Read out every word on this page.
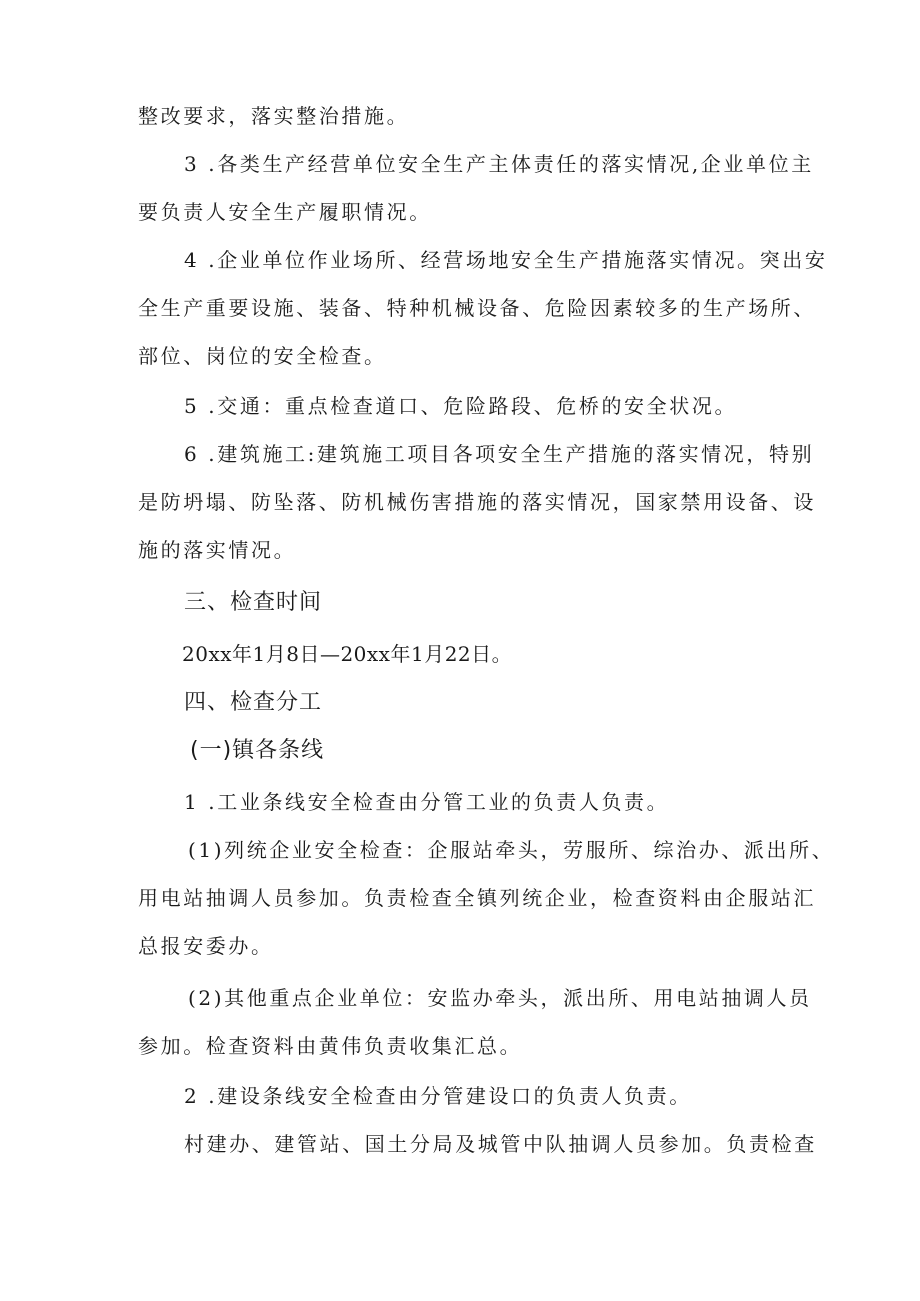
整改要求，落实整治措施。
3 .各类生产经营单位安全生产主体责任的落实情况,企业单位主
要负责人安全生产履职情况。
4 .企业单位作业场所、经营场地安全生产措施落实情况。突出安
全生产重要设施、装备、特种机械设备、危险因素较多的生产场所、
部位、岗位的安全检查。
5 .交通：重点检查道口、危险路段、危桥的安全状况。
6 .建筑施工:建筑施工项目各项安全生产措施的落实情况，特别
是防坍塌、防坠落、防机械伤害措施的落实情况，国家禁用设备、设
施的落实情况。
三、检查时间
20xx年1月8日—20xx年1月22日。
四、检查分工
(一)镇各条线
1 .工业条线安全检查由分管工业的负责人负责。
(1)列统企业安全检查：企服站牵头，劳服所、综治办、派出所、
用电站抽调人员参加。负责检查全镇列统企业，检查资料由企服站汇
总报安委办。
(2)其他重点企业单位：安监办牵头，派出所、用电站抽调人员
参加。检查资料由黄伟负责收集汇总。
2 .建设条线安全检查由分管建设口的负责人负责。
村建办、建管站、国土分局及城管中队抽调人员参加。负责检查
